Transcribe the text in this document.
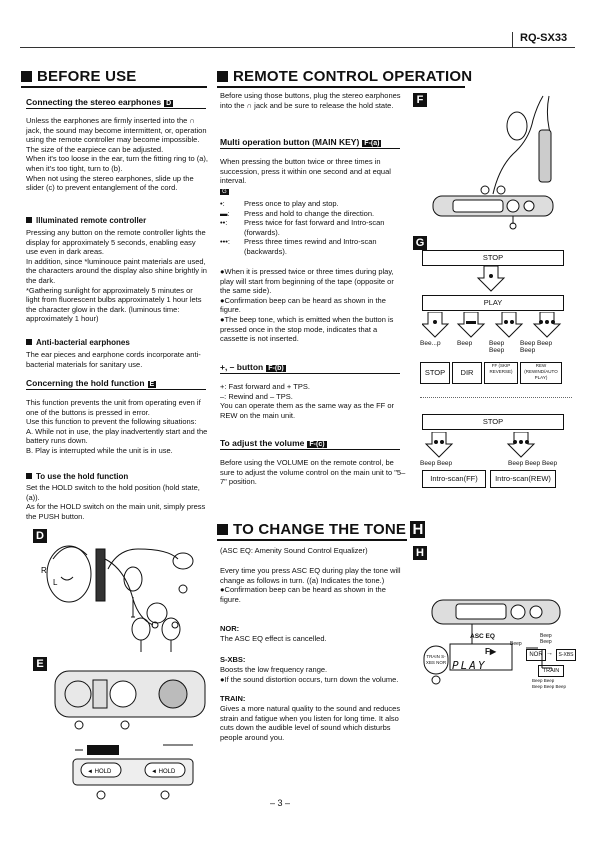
RQ-SX33
BEFORE USE
Connecting the stereo earphones D
Unless the earphones are firmly inserted into the ∩ jack, the sound may become intermittent, or, operation using the remote controller may become impossible.
The size of the earpiece can be adjusted.
When it's too loose in the ear, turn the fitting ring to (a), when it's too tight, turn to (b).
When not using the stereo earphones, slide up the slider (c) to prevent entanglement of the cord.
Illuminated remote controller
Pressing any button on the remote controller lights the display for approximately 5 seconds, enabling easy use even in dark areas.
In addition, since *luminouce paint materials are used, the characters around the display also shine brightly in the dark.
*Gathering sunlight for approximately 5 minutes or light from fluorescent bulbs approximately 1 hour lets the character glow in the dark. (luminous time: approximately 1 hour)
Anti-bacterial earphones
The ear pieces and earphone cords incorporate anti-bacterial materials for sanitary use.
Concerning the hold function E
This function prevents the unit from operating even if one of the buttons is pressed in error.
Use this function to prevent the following situations:
A. While not in use, the play inadvertently start and the battery runs down.
B. Play is interrupted while the unit is in use.
To use the hold function
Set the HOLD switch to the hold position (hold state, (a)).
As for the HOLD switch on the main unit, simply press the PUSH button.
D
R
L
E
◄ HOLD	◄ HOLD
REMOTE CONTROL OPERATION
Before using those buttons, plug the stereo earphones into the ∩ jack and be sure to release the hold state.
Multi operation button (MAIN KEY) F-(a)
When pressing the button twice or three times in succession, press it within one second and at equal interval.
G
•:	Press once to play and stop.
▬:	Press and hold to change the direction.
••:	Press twice for fast forward and Intro-scan (forwards).
•••:	Press three times rewind and Intro-scan (backwards).
●When it is pressed twice or three times during play, play will start from beginning of the tape (opposite or the same side).
●Confirmation beep can be heard as shown in the figure.
●The beep tone, which is emitted when the button is pressed once in the stop mode, indicates that a cassette is not inserted.
+, – button F-(b)
+: Fast forward and + TPS.
–: Rewind and – TPS.
You can operate them as the same way as the FF or REW on the main unit.
To adjust the volume F-(c)
Before using the VOLUME on the remote control, be sure to adjust the volume control on the main unit to "5–7" position.
F
G
STOP
PLAY
Bee...p	Beep	Beep Beep
Beep Beep Beep
STOP	DIR
FF (SKIP REVERSE)
REW (REWIND/AUTO PLAY)
STOP
Beep Beep	Beep Beep Beep
Intro-scan(FF)	Intro-scan(REW)
TO CHANGE THE TONE H
(ASC EQ: Amenity Sound Control Equalizer)
Every time you press ASC EQ during play the tone will change as follows in turn. ((a) Indicates the tone.)
●Confirmation beep can be heard as shown in the figure.
NOR:
The ASC EQ effect is cancelled.
S-XBS:
Boosts the low frequency range.
●If the sound distortion occurs, turn down the volume.
TRAIN:
Gives a more natural quality to the sound and reduces strain and fatigue when you listen for long time. It also cuts down the audible level of sound which disturbs people around you.
H
ASC EQ
F▶
TRAIN S-XBS NOR PLAY
Beep
Beep	Beep
NOR →	S-XBS
TRAIN
Beep Beep
Beep Beep Beep
– 3 –
